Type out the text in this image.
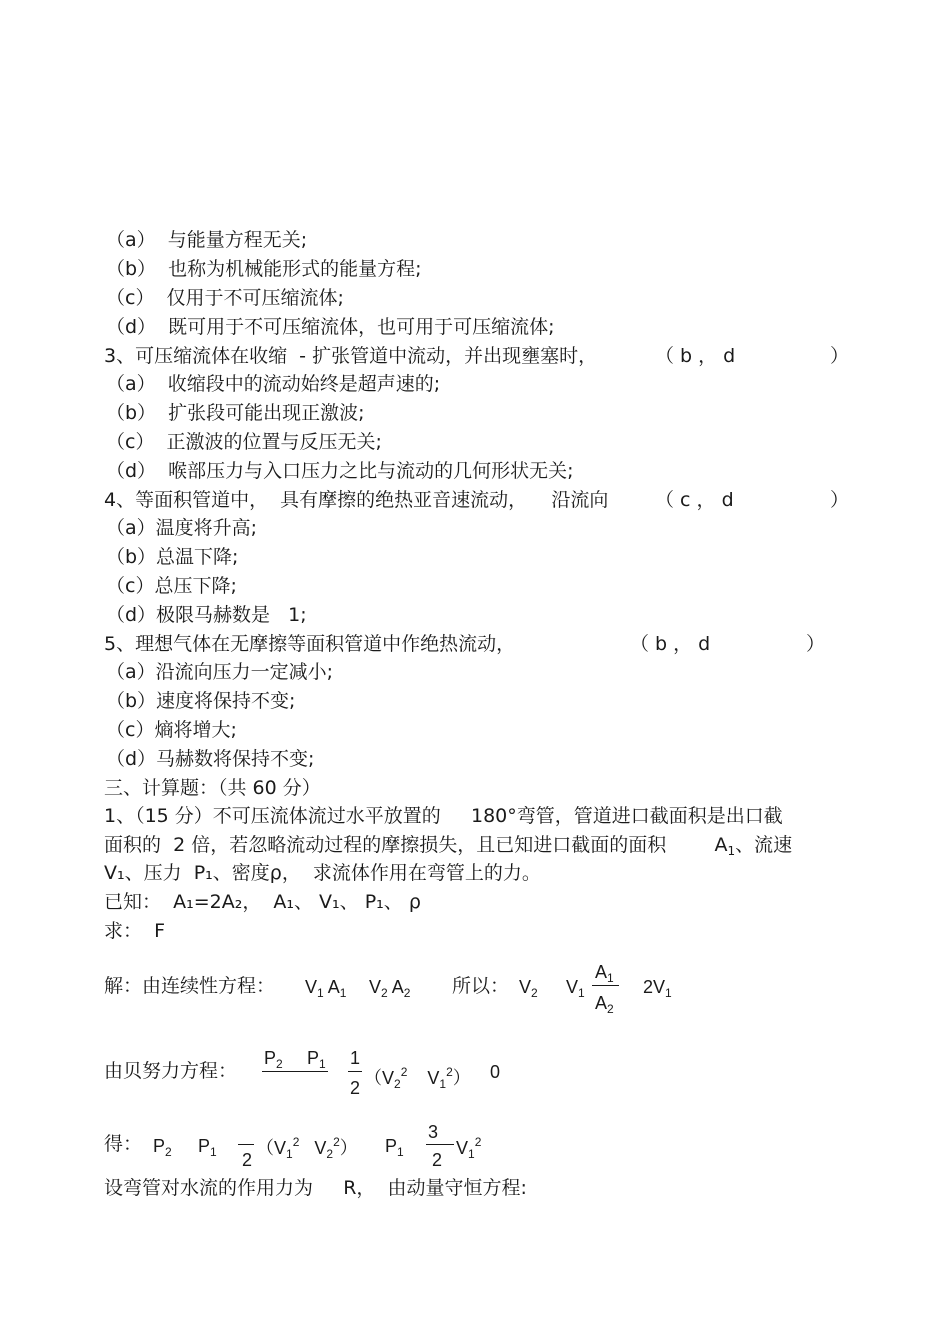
（a）  与能量方程无关;
（b）  也称为机械能形式的能量方程;
（c）  仅用于不可压缩流体;
（d）  既可用于不可压缩流体，也可用于可压缩流体;
3、可压缩流体在收缩  - 扩张管道中流动，并出现壅塞时，	（ b ， d	）
（a）  收缩段中的流动始终是超声速的;
（b）  扩张段可能出现正激波;
（c）  正激波的位置与反压无关;
（d）  喉部压力与入口压力之比与流动的几何形状无关;
4、等面积管道中，  具有摩擦的绝热亚音速流动，    沿流向 （ c ， d	）
（a）温度将升高;
（b）总温下降;
（c）总压下降;
（d）极限马赫数是   1;
5、理想气体在无摩擦等面积管道中作绝热流动，	（ b ， d	）
（a）沿流向压力一定减小;
（b）速度将保持不变;
（c）熵将增大;
（d）马赫数将保持不变;
三、计算题：（共 60 分）
1、（15 分）不可压流体流过水平放置的     180°弯管，管道进口截面积是出口截
面积的  2 倍，若忽略流动过程的摩擦损失，且已知进口截面的面积        $A_1$、流速
V₁、压力  P₁、密度ρ，  求流体作用在弯管上的力。
已知：  A₁=2A₂，  A₁、 V₁、 P₁、 ρ
求：  F
解：由连续性方程： $V_1$ $A_1$ $V_2$ $A_2$ 所以： $V_2$ $V_1$
$A_1$
$A_2$
$2V_1$
由贝努力方程：
$P_2$ $P_1$ 1
2 （$V_2^2$ $V_1^2$） 0
得： $P_2$ $P_1$ 2
（$V_1^2$ $V_2^2$） $P_1$
3
2
$V_1^2$
设弯管对水流的作用力为     R，  由动量守恒方程:
